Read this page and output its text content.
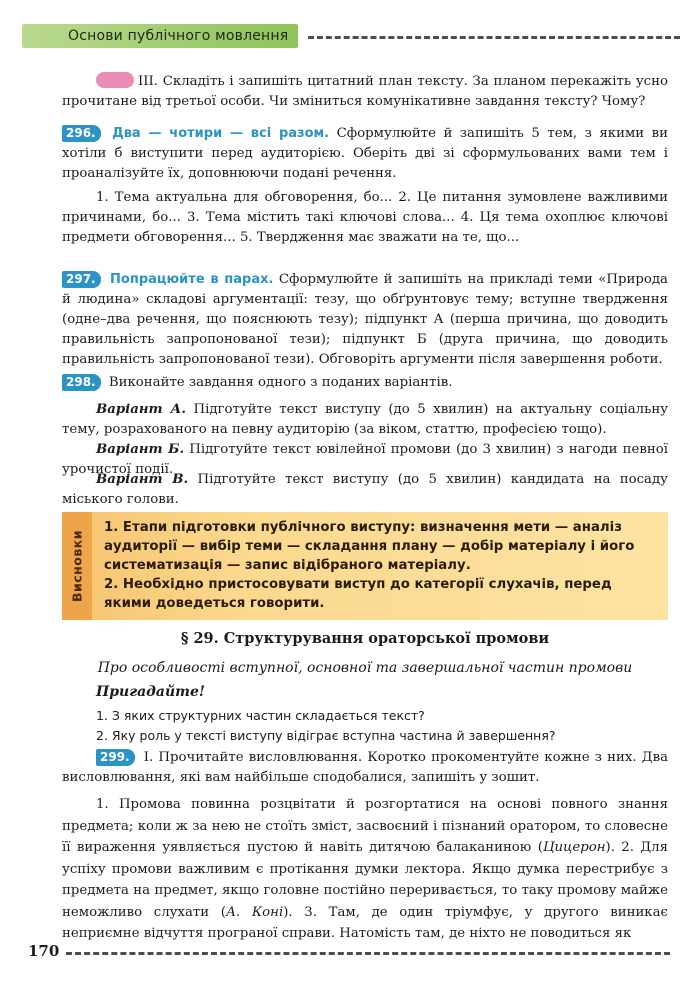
Основи публічного мовлення
III. Складіть і запишіть цитатний план тексту. За планом перекажіть усно прочитане від третьої особи. Чи зміниться комунікативне завдання тексту? Чому?
296. Два — чотири — всі разом. Сформулюйте й запишіть 5 тем, з якими ви хотіли б виступити перед аудиторією. Оберіть дві зі сформульованих вами тем і проаналізуйте їх, доповнюючи подані речення.
1. Тема актуальна для обговорення, бо... 2. Це питання зумовлене важливими причинами, бо... 3. Тема містить такі ключові слова... 4. Ця тема охоплює ключові предмети обговорення... 5. Твердження має зважати на те, що...
297. Попрацюйте в парах. Сформулюйте й запишіть на прикладі теми «Природа й людина» складові аргументації: тезу, що обґрунтовує тему; вступне твердження (одне–два речення, що пояснюють тезу); підпункт А (перша причина, що доводить правильність запропонованої тези); підпункт Б (друга причина, що доводить правильність запропонованої тези). Обговоріть аргументи після завершення роботи.
298. Виконайте завдання одного з поданих варіантів.
Варіант А. Підготуйте текст виступу (до 5 хвилин) на актуальну соціальну тему, розрахованого на певну аудиторію (за віком, статтю, професією тощо).
Варіант Б. Підготуйте текст ювілейної промови (до 3 хвилин) з нагоди певної урочистої події.
Варіант В. Підготуйте текст виступу (до 5 хвилин) кандидата на посаду міського голови.
Висновки

1. Етапи підготовки публічного виступу: визначення мети — аналіз аудиторії — вибір теми — складання плану — добір матеріалу і його систематизація — запис відібраного матеріалу.

2. Необхідно пристосовувати виступ до категорії слухачів, перед якими доведеться говорити.

§ 29. Структурування ораторської промови
Про особливості вступної, основної та завершальної частин промови
Пригадайте!
1. З яких структурних частин складається текст?
2. Яку роль у тексті виступу відіграє вступна частина й завершення?
299. I. Прочитайте висловлювання. Коротко прокоментуйте кожне з них. Два висловлювання, які вам найбільше сподобалися, запишіть у зошит.
1. Промова повинна розцвітати й розгортатися на основі повного знання предмета; коли ж за нею не стоїть зміст, засвоєний і пізнаний оратором, то словесне її вираження уявляється пустою й навіть дитячою балаканиною (Цицерон). 2. Для успіху промови важливим є протікання думки лектора. Якщо думка перестрибує з предмета на предмет, якщо головне постійно переривається, то таку промову майже неможливо слухати (А. Коні). 3. Там, де один тріумфує, у другого виникає неприємне відчуття програної справи. Натомість там, де ніхто не поводиться як
170
